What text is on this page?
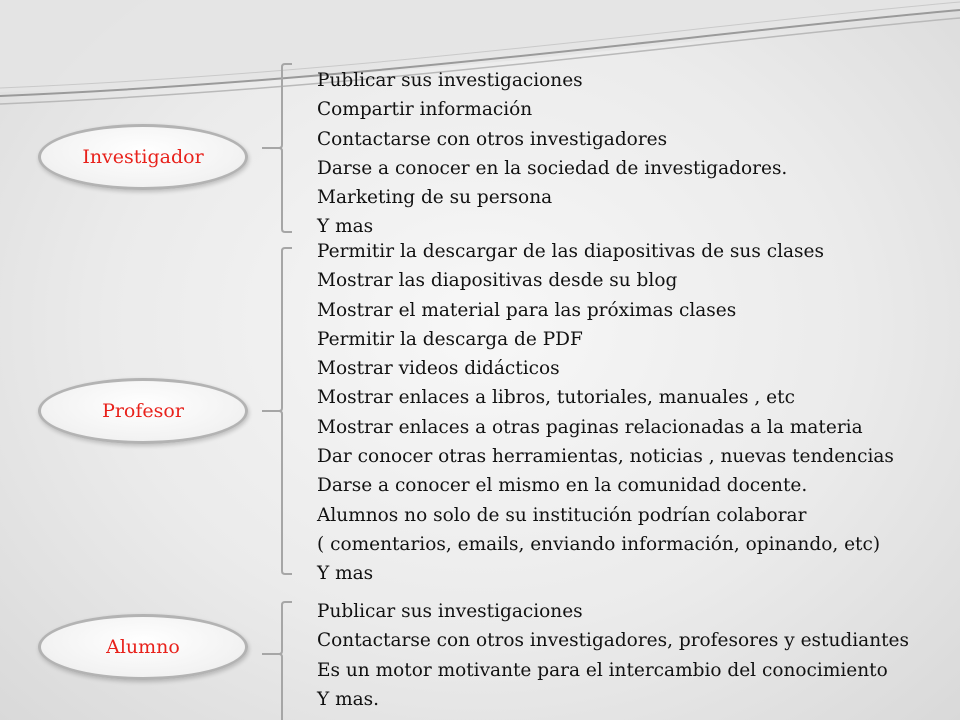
Investigador
Publicar sus investigaciones
Compartir información
Contactarse con otros investigadores
Darse a conocer en la sociedad de investigadores.
Marketing de su persona
Y mas
Profesor
Permitir la descargar de las diapositivas de sus clases
Mostrar las diapositivas desde su blog
Mostrar el material para las próximas clases
Permitir la descarga de PDF
Mostrar videos didácticos
Mostrar enlaces a libros, tutoriales, manuales , etc
Mostrar enlaces a otras paginas relacionadas a la materia
Dar conocer otras herramientas, noticias , nuevas tendencias
Darse a conocer el mismo en la comunidad docente.
Alumnos no solo de su institución podrían colaborar
( comentarios, emails, enviando información, opinando, etc)
Y mas
Alumno
Publicar sus investigaciones
Contactarse con otros investigadores, profesores y estudiantes
Es un motor motivante para el intercambio del conocimiento
Y mas.
